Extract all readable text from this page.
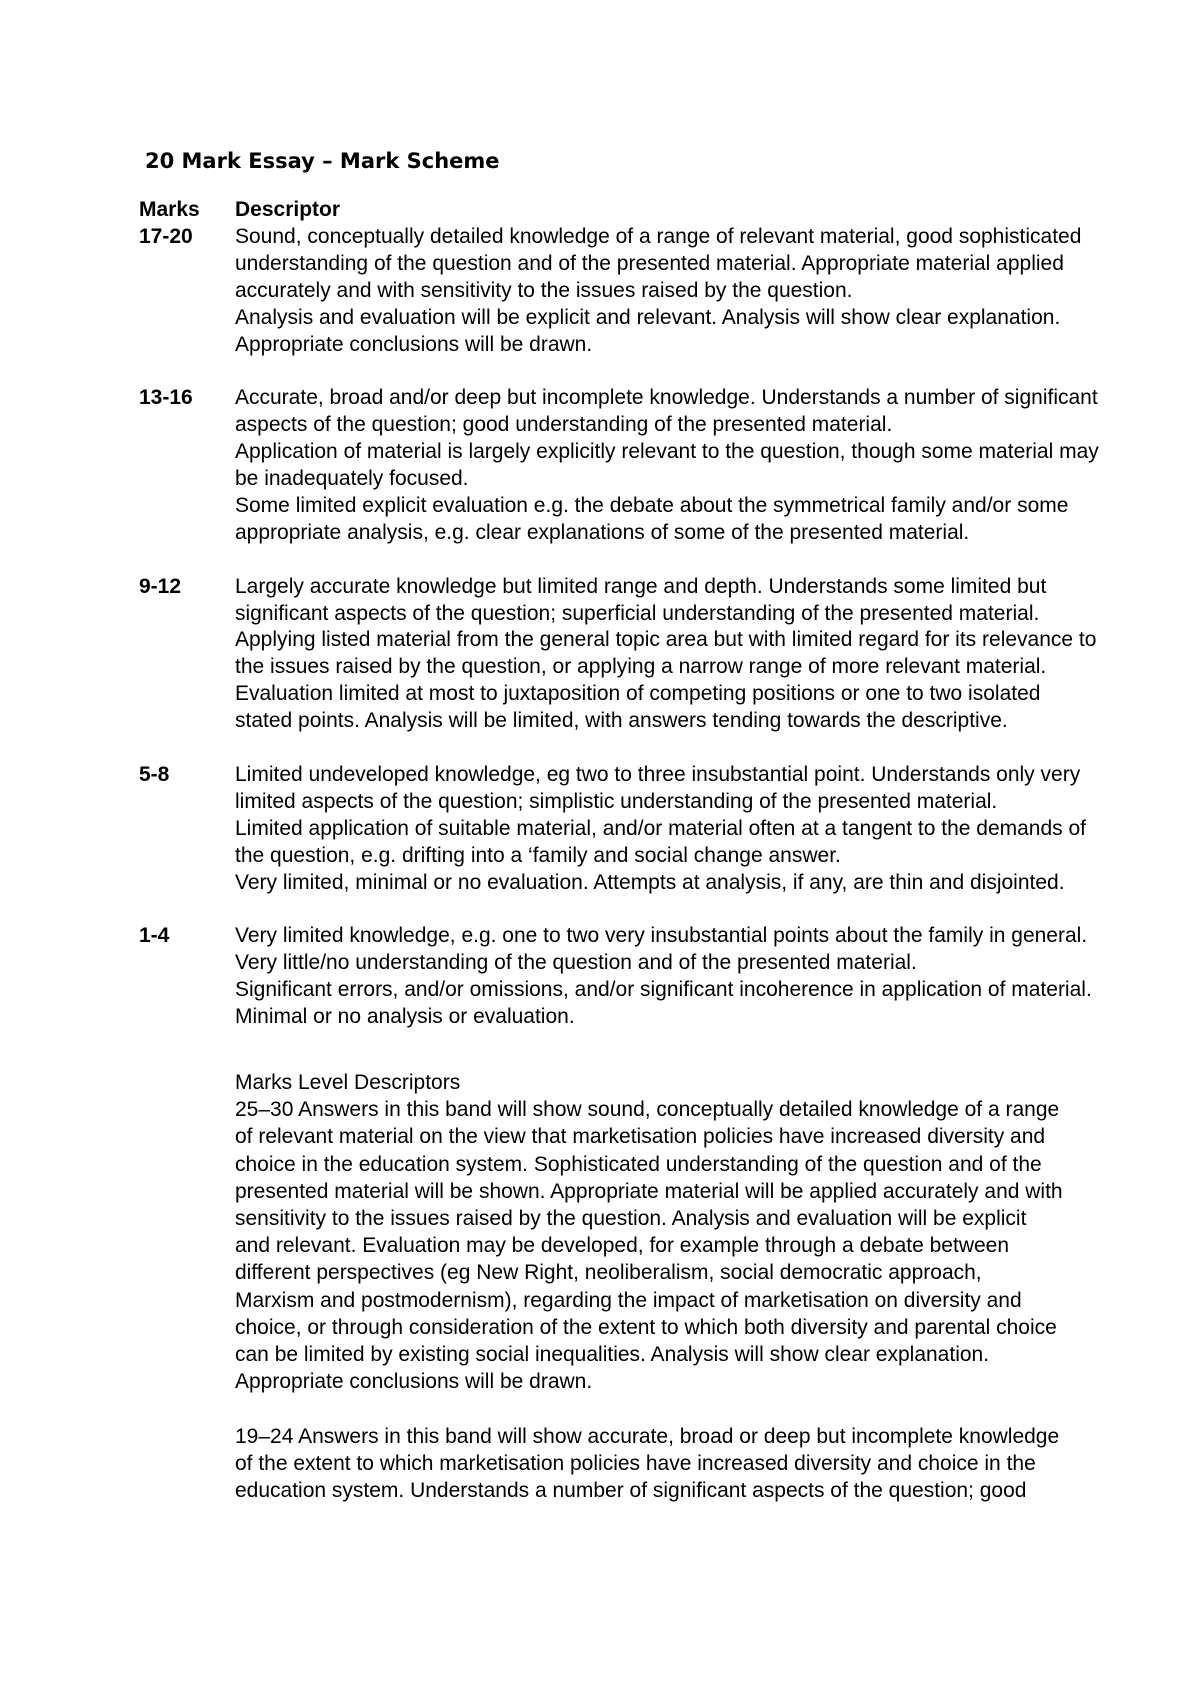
20 Mark Essay – Mark Scheme
Marks	Descriptor
17-20	Sound, conceptually detailed knowledge of a range of relevant material, good sophisticated
understanding of the question and of the presented material. Appropriate material applied
accurately and with sensitivity to the issues raised by the question.
Analysis and evaluation will be explicit and relevant. Analysis will show clear explanation.
Appropriate conclusions will be drawn.
13-16	Accurate, broad and/or deep but incomplete knowledge. Understands a number of significant
aspects of the question; good understanding of the presented material.
Application of material is largely explicitly relevant to the question, though some material may
be inadequately focused.
Some limited explicit evaluation e.g. the debate about the symmetrical family and/or some
appropriate analysis, e.g. clear explanations of some of the presented material.
9-12	Largely accurate knowledge but limited range and depth. Understands some limited but
significant aspects of the question; superficial understanding of the presented material.
Applying listed material from the general topic area but with limited regard for its relevance to
the issues raised by the question, or applying a narrow range of more relevant material.
Evaluation limited at most to juxtaposition of competing positions or one to two isolated
stated points. Analysis will be limited, with answers tending towards the descriptive.
5-8	Limited undeveloped knowledge, eg two to three insubstantial point. Understands only very
limited aspects of the question; simplistic understanding of the presented material.
Limited application of suitable material, and/or material often at a tangent to the demands of
the question, e.g. drifting into a ‘family and social change answer.
Very limited, minimal or no evaluation. Attempts at analysis, if any, are thin and disjointed.
1-4	Very limited knowledge, e.g. one to two very insubstantial points about the family in general.
Very little/no understanding of the question and of the presented material.
Significant errors, and/or omissions, and/or significant incoherence in application of material.
Minimal or no analysis or evaluation.
Marks Level Descriptors
25–30 Answers in this band will show sound, conceptually detailed knowledge of a range
of relevant material on the view that marketisation policies have increased diversity and
choice in the education system. Sophisticated understanding of the question and of the
presented material will be shown. Appropriate material will be applied accurately and with
sensitivity to the issues raised by the question. Analysis and evaluation will be explicit
and relevant. Evaluation may be developed, for example through a debate between
different perspectives (eg New Right, neoliberalism, social democratic approach,
Marxism and postmodernism), regarding the impact of marketisation on diversity and
choice, or through consideration of the extent to which both diversity and parental choice
can be limited by existing social inequalities. Analysis will show clear explanation.
Appropriate conclusions will be drawn.
19–24 Answers in this band will show accurate, broad or deep but incomplete knowledge
of the extent to which marketisation policies have increased diversity and choice in the
education system. Understands a number of significant aspects of the question; good
